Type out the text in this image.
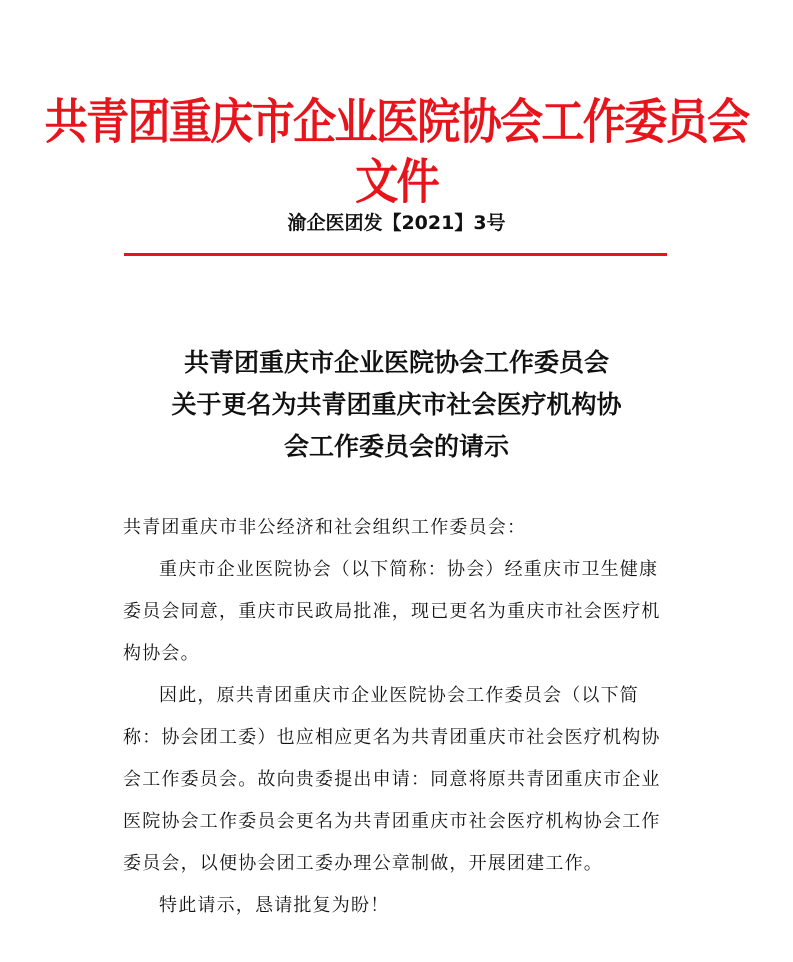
共青团重庆市企业医院协会工作委员会文件
渝企医团发【2021】3号
共青团重庆市企业医院协会工作委员会
关于更名为共青团重庆市社会医疗机构协
会工作委员会的请示

共青团重庆市非公经济和社会组织工作委员会：

重庆市企业医院协会（以下简称：协会）经重庆市卫生健康委员会同意，重庆市民政局批准，现已更名为重庆市社会医疗机构协会。

因此，原共青团重庆市企业医院协会工作委员会（以下简称：协会团工委）也应相应更名为共青团重庆市社会医疗机构协会工作委员会。故向贵委提出申请：同意将原共青团重庆市企业医院协会工作委员会更名为共青团重庆市社会医疗机构协会工作委员会，以便协会团工委办理公章制做，开展团建工作。

特此请示，恳请批复为盼！
